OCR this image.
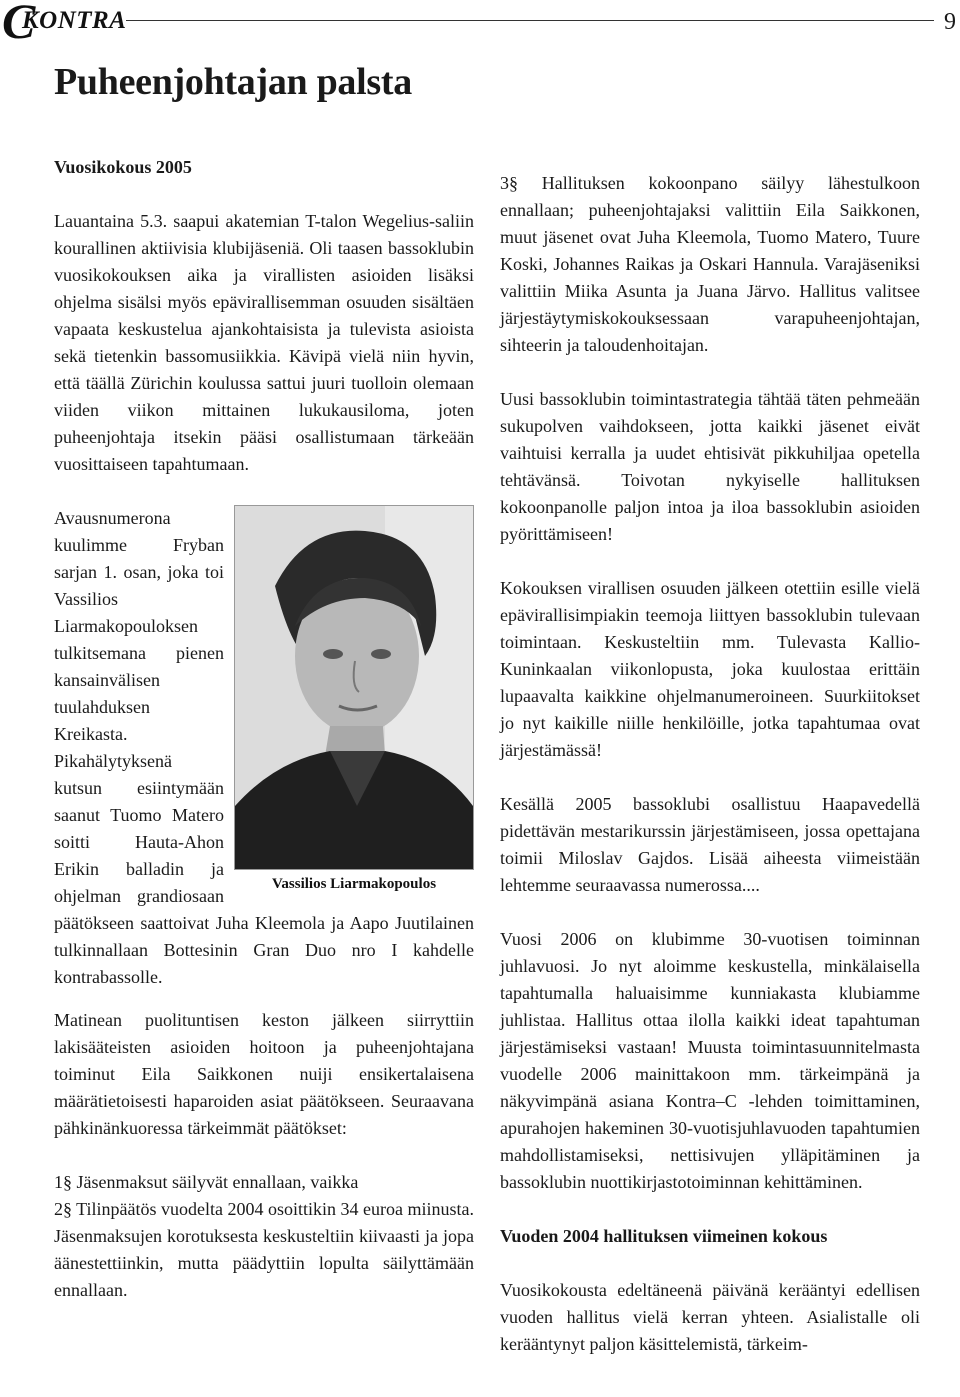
C
KONTRA	9
Puheenjohtajan palsta
Vuosikokous 2005

Lauantaina 5.3. saapui akatemian T-talon Wegelius-saliin kourallinen aktiivisia klubijäseniä. Oli taasen bassoklubin vuosikokouksen aika ja virallisten asioiden lisäksi ohjelma sisälsi myös epävirallisemman osuuden sisältäen vapaata keskustelua ajankohtaisista ja tulevista asioista sekä tietenkin bassomusiikkia. Kävipä vielä niin hyvin, että täällä Zürichin koulussa sattui juuri tuolloin olemaan viiden viikon mittainen lukukausiloma, joten puheenjohtaja itsekin pääsi osallistumaan tärkeään vuosittaiseen tapahtumaan.

Vassilios Liarmakopoulos

Avausnumerona kuulimme Fryban sarjan 1. osan, joka toi Vassilios Liarmakopouloksen tulkitsemana pienen kansainvälisen tuulahduksen Kreikasta. Pikahälytyksenä kutsun esiintymään saanut Tuomo Matero soitti Hauta-Ahon Erikin balladin ja ohjelman grandiosaan päätökseen saattoivat Juha Kleemola ja Aapo Juutilainen tulkinnallaan Bottesinin Gran Duo nro I kahdelle kontrabassolle.

Matinean puolituntisen keston jälkeen siirryttiin lakisääteisten asioiden hoitoon ja puheenjohtajana toiminut Eila Saikkonen nuiji ensikertalaisena määrätietoisesti haparoiden asiat päätökseen. Seuraavana pähkinänkuoressa tärkeimmät päätökset:

1§ Jäsenmaksut säilyvät ennallaan, vaikka

2§ Tilinpäätös vuodelta 2004 osoittikin 34 euroa miinusta. Jäsenmaksujen korotuksesta keskusteltiin kiivaasti ja jopa äänestettiinkin, mutta päädyttiin lopulta säilyttämään ennallaan.

3§ Hallituksen kokoonpano säilyy lähestulkoon ennallaan; puheenjohtajaksi valittiin Eila Saikkonen, muut jäsenet ovat Juha Kleemola, Tuomo Matero, Tuure Koski, Johannes Raikas ja Oskari Hannula. Varajäseniksi valittiin Miika Asunta ja Juana Järvo. Hallitus valitsee järjestäytymiskokouksessaan varapuheenjohtajan, sihteerin ja taloudenhoitajan.

Uusi bassoklubin toimintastrategia tähtää täten pehmeään sukupolven vaihdokseen, jotta kaikki jäsenet eivät vaihtuisi kerralla ja uudet ehtisivät pikkuhiljaa opetella tehtävänsä. Toivotan nykyiselle hallituksen kokoonpanolle paljon intoa ja iloa bassoklubin asioiden pyörittämiseen!

Kokouksen virallisen osuuden jälkeen otettiin esille vielä epävirallisimpiakin teemoja liittyen bassoklubin tulevaan toimintaan. Keskusteltiin mm. Tulevasta Kallio-Kuninkaalan viikonlopusta, joka kuulostaa erittäin lupaavalta kaikkine ohjelmanumeroineen. Suurkiitokset jo nyt kaikille niille henkilöille, jotka tapahtumaa ovat järjestämässä!

Kesällä 2005 bassoklubi osallistuu Haapavedellä pidettävän mestarikurssin järjestämiseen, jossa opettajana toimii Miloslav Gajdos. Lisää aiheesta viimeistään lehtemme seuraavassa numerossa....

Vuosi 2006 on klubimme 30-vuotisen toiminnan juhlavuosi. Jo nyt aloimme keskustella, minkälaisella tapahtumalla haluaisimme kunniakasta klubiamme juhlistaa. Hallitus ottaa ilolla kaikki ideat tapahtuman järjestämiseksi vastaan! Muusta toimintasuunnitelmasta vuodelle 2006 mainittakoon mm. tärkeimpänä ja näkyvimpänä asiana Kontra–C -lehden toimittaminen, apurahojen hakeminen 30-vuotisjuhlavuoden tapahtumien mahdollistamiseksi, nettisivujen ylläpitäminen ja bassoklubin nuottikirjastotoiminnan kehittäminen.

Vuoden 2004 hallituksen viimeinen kokous

Vuosikokousta edeltäneenä päivänä kerääntyi edellisen vuoden hallitus vielä kerran yhteen. Asialistalle oli kerääntynyt paljon käsittelemistä, tärkeim-
